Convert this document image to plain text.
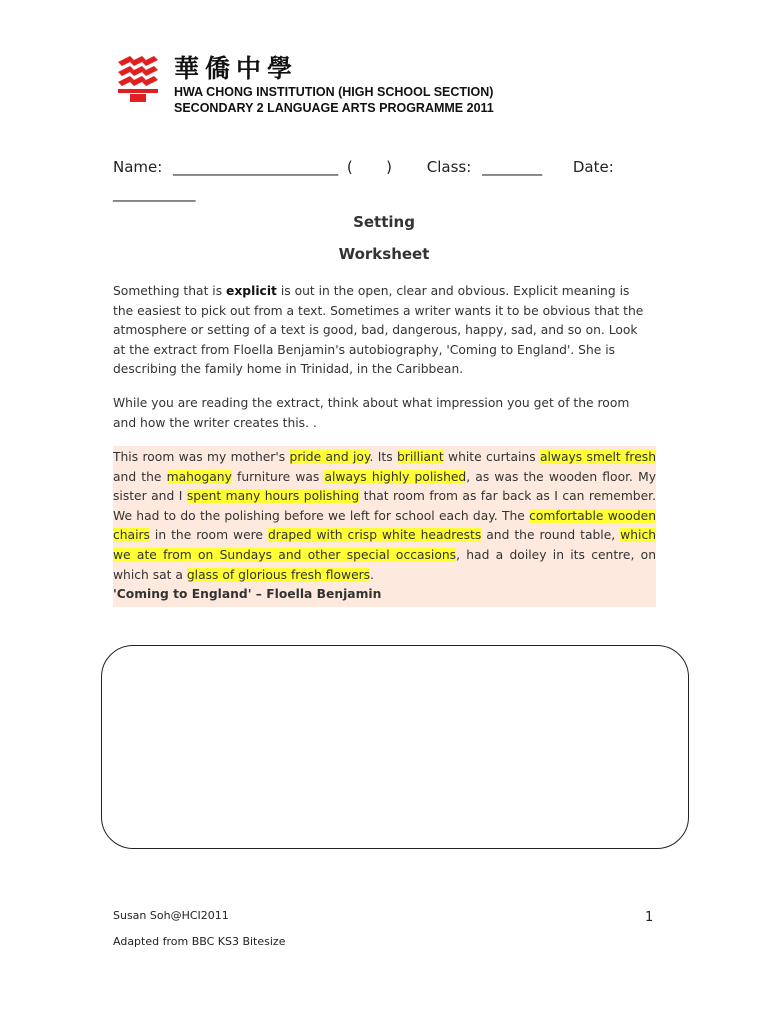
華僑中學
HWA CHONG INSTITUTION (HIGH SCHOOL SECTION)
SECONDARY 2 LANGUAGE ARTS PROGRAMME 2011
Name: ______________________ (       ) Class: ________ Date:
___________
Setting
Worksheet
Something that is explicit is out in the open, clear and obvious. Explicit meaning is the easiest to pick out from a text. Sometimes a writer wants it to be obvious that the atmosphere or setting of a text is good, bad, dangerous, happy, sad, and so on. Look at the extract from Floella Benjamin's autobiography, 'Coming to England'. She is describing the family home in Trinidad, in the Caribbean.
While you are reading the extract, think about what impression you get of the room and how the writer creates this. .
This room was my mother's pride and joy. Its brilliant white curtains always smelt fresh and the mahogany furniture was always highly polished, as was the wooden floor. My sister and I spent many hours polishing that room from as far back as I can remember. We had to do the polishing before we left for school each day. The comfortable wooden chairs in the room were draped with crisp white headrests and the round table, which we ate from on Sundays and other special occasions, had a doiley in its centre, on which sat a glass of glorious fresh flowers.
'Coming to England' – Floella Benjamin
Susan Soh@HCI2011
Adapted from BBC KS3 Bitesize
1
